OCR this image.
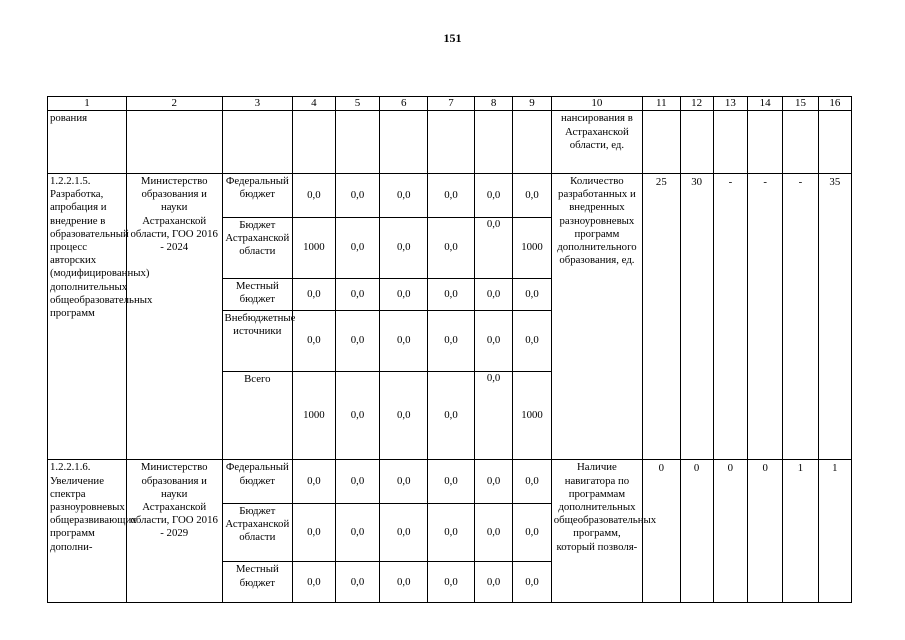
151
1	2	3	4	5	6	7	8	9	10	11	12	13	14	15	16
рования									нансирования в Астраханской области, ед.						
1.2.2.1.5. Разработка, апробация и внедрение в образовательный процесс авторских (модифицированных) дополнительных общеобразовательных программ	Министерство образования и науки Астраханской области, ГОО 2016 - 2024	Федеральный бюджет	0,0	0,0	0,0	0,0	0,0	0,0	Количество разработанных и внедренных разноуровневых программ дополнительного образования, ед.	25	30	-	-	-	35
		Бюджет Астраханской области	1000	0,0	0,0	0,0	0,0	1000							
		Местный бюджет	0,0	0,0	0,0	0,0	0,0	0,0							
		Внебюджетные источники	0,0	0,0	0,0	0,0	0,0	0,0							
		Всего	1000	0,0	0,0	0,0	0,0	1000							
1.2.2.1.6. Увеличение спектра разноуровневых общеразвивающих программ дополни-	Министерство образования и науки Астраханской области, ГОО 2016 - 2029	Федеральный бюджет	0,0	0,0	0,0	0,0	0,0	0,0	Наличие навигатора по программам дополнительных общеобразовательных программ, который позволя-	0	0	0	0	1	1
		Бюджет Астраханской области	0,0	0,0	0,0	0,0	0,0	0,0							
		Местный бюджет	0,0	0,0	0,0	0,0	0,0	0,0							
